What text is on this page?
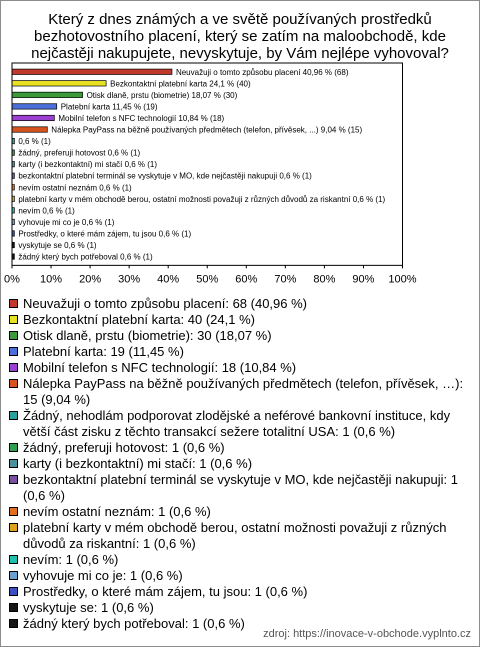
Který z dnes známých a ve světě používaných prostředků bezhotovostního placení, který se zatím na maloobchodě, kde nejčastěji nakupujete, nevyskytuje, by Vám nejlépe vyhovoval?
Neuvažuji o tomto způsobu placení 40,96 % (68)
Bezkontaktní platební karta 24,1 % (40)
Otisk dlaně, prstu (biometrie) 18,07 % (30)
Platební karta 11,45 % (19)
Mobilní telefon s NFC technologií 10,84 % (18)
Nálepka PayPass na běžně používaných předmětech (telefon, přívěsek, ...) 9,04 % (15)
0,6 % (1)
žádný, preferuji hotovost 0,6 % (1)
karty (i bezkontaktní) mi stačí 0,6 % (1)
bezkontaktní platební terminál se vyskytuje v MO, kde nejčastěji nakupuji 0,6 % (1)
nevím ostatní neznám 0,6 % (1)
platební karty v mém obchodě berou, ostatní možnosti považuji z různých důvodů za riskantní 0,6 % (1)
nevím 0,6 % (1)
vyhovuje mi co je 0,6 % (1)
Prostředky, o které mám zájem, tu jsou 0,6 % (1)
vyskytuje se 0,6 % (1)
žádný který bych potřeboval 0,6 % (1)
0% 10% 20% 30% 40% 50% 60% 70% 80% 90% 100%
Neuvažuji o tomto způsobu placení: 68 (40,96 %)
Bezkontaktní platební karta: 40 (24,1 %)
Otisk dlaně, prstu (biometrie): 30 (18,07 %)
Platební karta: 19 (11,45 %)
Mobilní telefon s NFC technologií: 18 (10,84 %)
Nálepka PayPass na běžně používaných předmětech (telefon, přívěsek, …): 15 (9,04 %)
Žádný, nehodlám podporovat zlodějské a neférové bankovní instituce, kdy větší část zisku z těchto transakcí sežere totalitní USA: 1 (0,6 %)
žádný, preferuji hotovost: 1 (0,6 %)
karty (i bezkontaktní) mi stačí: 1 (0,6 %)
bezkontaktní platební terminál se vyskytuje v MO, kde nejčastěji nakupuji: 1 (0,6 %)
nevím ostatní neznám: 1 (0,6 %)
platební karty v mém obchodě berou, ostatní možnosti považuji z různých důvodů za riskantní: 1 (0,6 %)
nevím: 1 (0,6 %)
vyhovuje mi co je: 1 (0,6 %)
Prostředky, o které mám zájem, tu jsou: 1 (0,6 %)
vyskytuje se: 1 (0,6 %)
žádný který bych potřeboval: 1 (0,6 %)
zdroj: https://inovace-v-obchode.vyplnto.cz
